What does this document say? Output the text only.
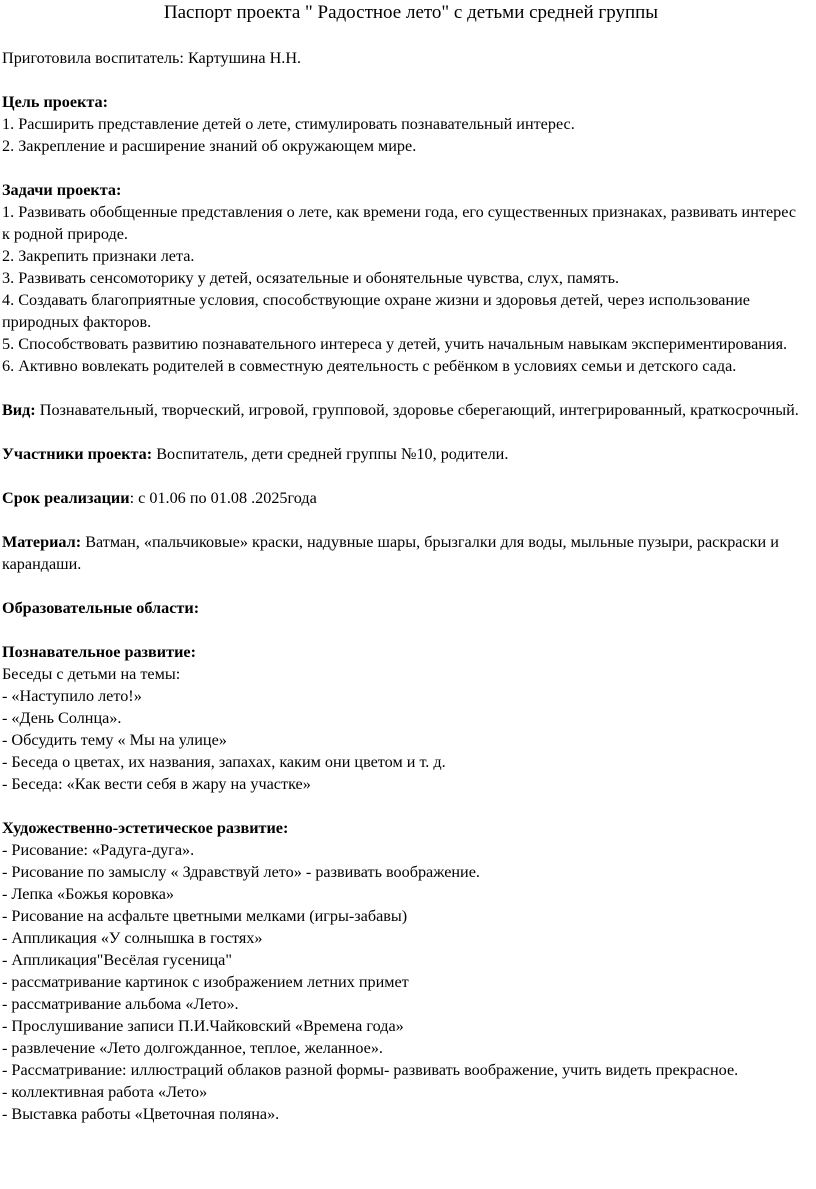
Паспорт проекта " Радостное лето" с детьми средней группы

Приготовила воспитатель: Картушина Н.Н.

Цель проекта:

1. Расширить представление детей о лете, стимулировать познавательный интерес.
2. Закрепление и расширение знаний об окружающем мире.

Задачи проекта:

1. Развивать обобщенные представления о лете, как времени года, его существенных признаках, развивать интерес к родной природе.
2. Закрепить признаки лета.
3. Развивать сенсомоторику у детей, осязательные и обонятельные чувства, слух, память.
4. Создавать благоприятные условия, способствующие охране жизни и здоровья детей, через использование природных факторов.
5. Способствовать развитию познавательного интереса у детей, учить начальным навыкам экспериментирования.
6. Активно вовлекать родителей в совместную деятельность с ребёнком в условиях семьи и детского сада.

Вид: Познавательный, творческий, игровой, групповой, здоровье сберегающий, интегрированный, краткосрочный.

Участники проекта: Воспитатель, дети средней группы №10, родители.

Срок реализации: с 01.06 по 01.08 .2025года

Материал: Ватман, «пальчиковые» краски, надувные шары, брызгалки для воды, мыльные пузыри, раскраски и карандаши.

Образовательные области:

Познавательное развитие:

Беседы с детьми на темы:

- «Наступило лето!»
- «День Солнца».
- Обсудить тему « Мы на улице»
- Беседа о цветах, их названия, запахах, каким они цветом и т. д.
- Беседа: «Как вести себя в жару на участке»

Художественно-эстетическое развитие:

- Рисование: «Радуга-дуга».
- Рисование по замыслу « Здравствуй лето» - развивать воображение.
- Лепка «Божья коровка»
- Рисование на асфальте цветными мелками (игры-забавы)
- Аппликация «У солнышка в гостях»
- Аппликация"Весёлая гусеница"
- рассматривание картинок с изображением летних примет
- рассматривание альбома «Лето».
- Прослушивание записи П.И.Чайковский «Времена года»
- развлечение «Лето долгожданное, теплое, желанное».
- Рассматривание: иллюстраций облаков разной формы- развивать воображение, учить видеть прекрасное.
- коллективная работа «Лето»
- Выставка работы «Цветочная поляна».
